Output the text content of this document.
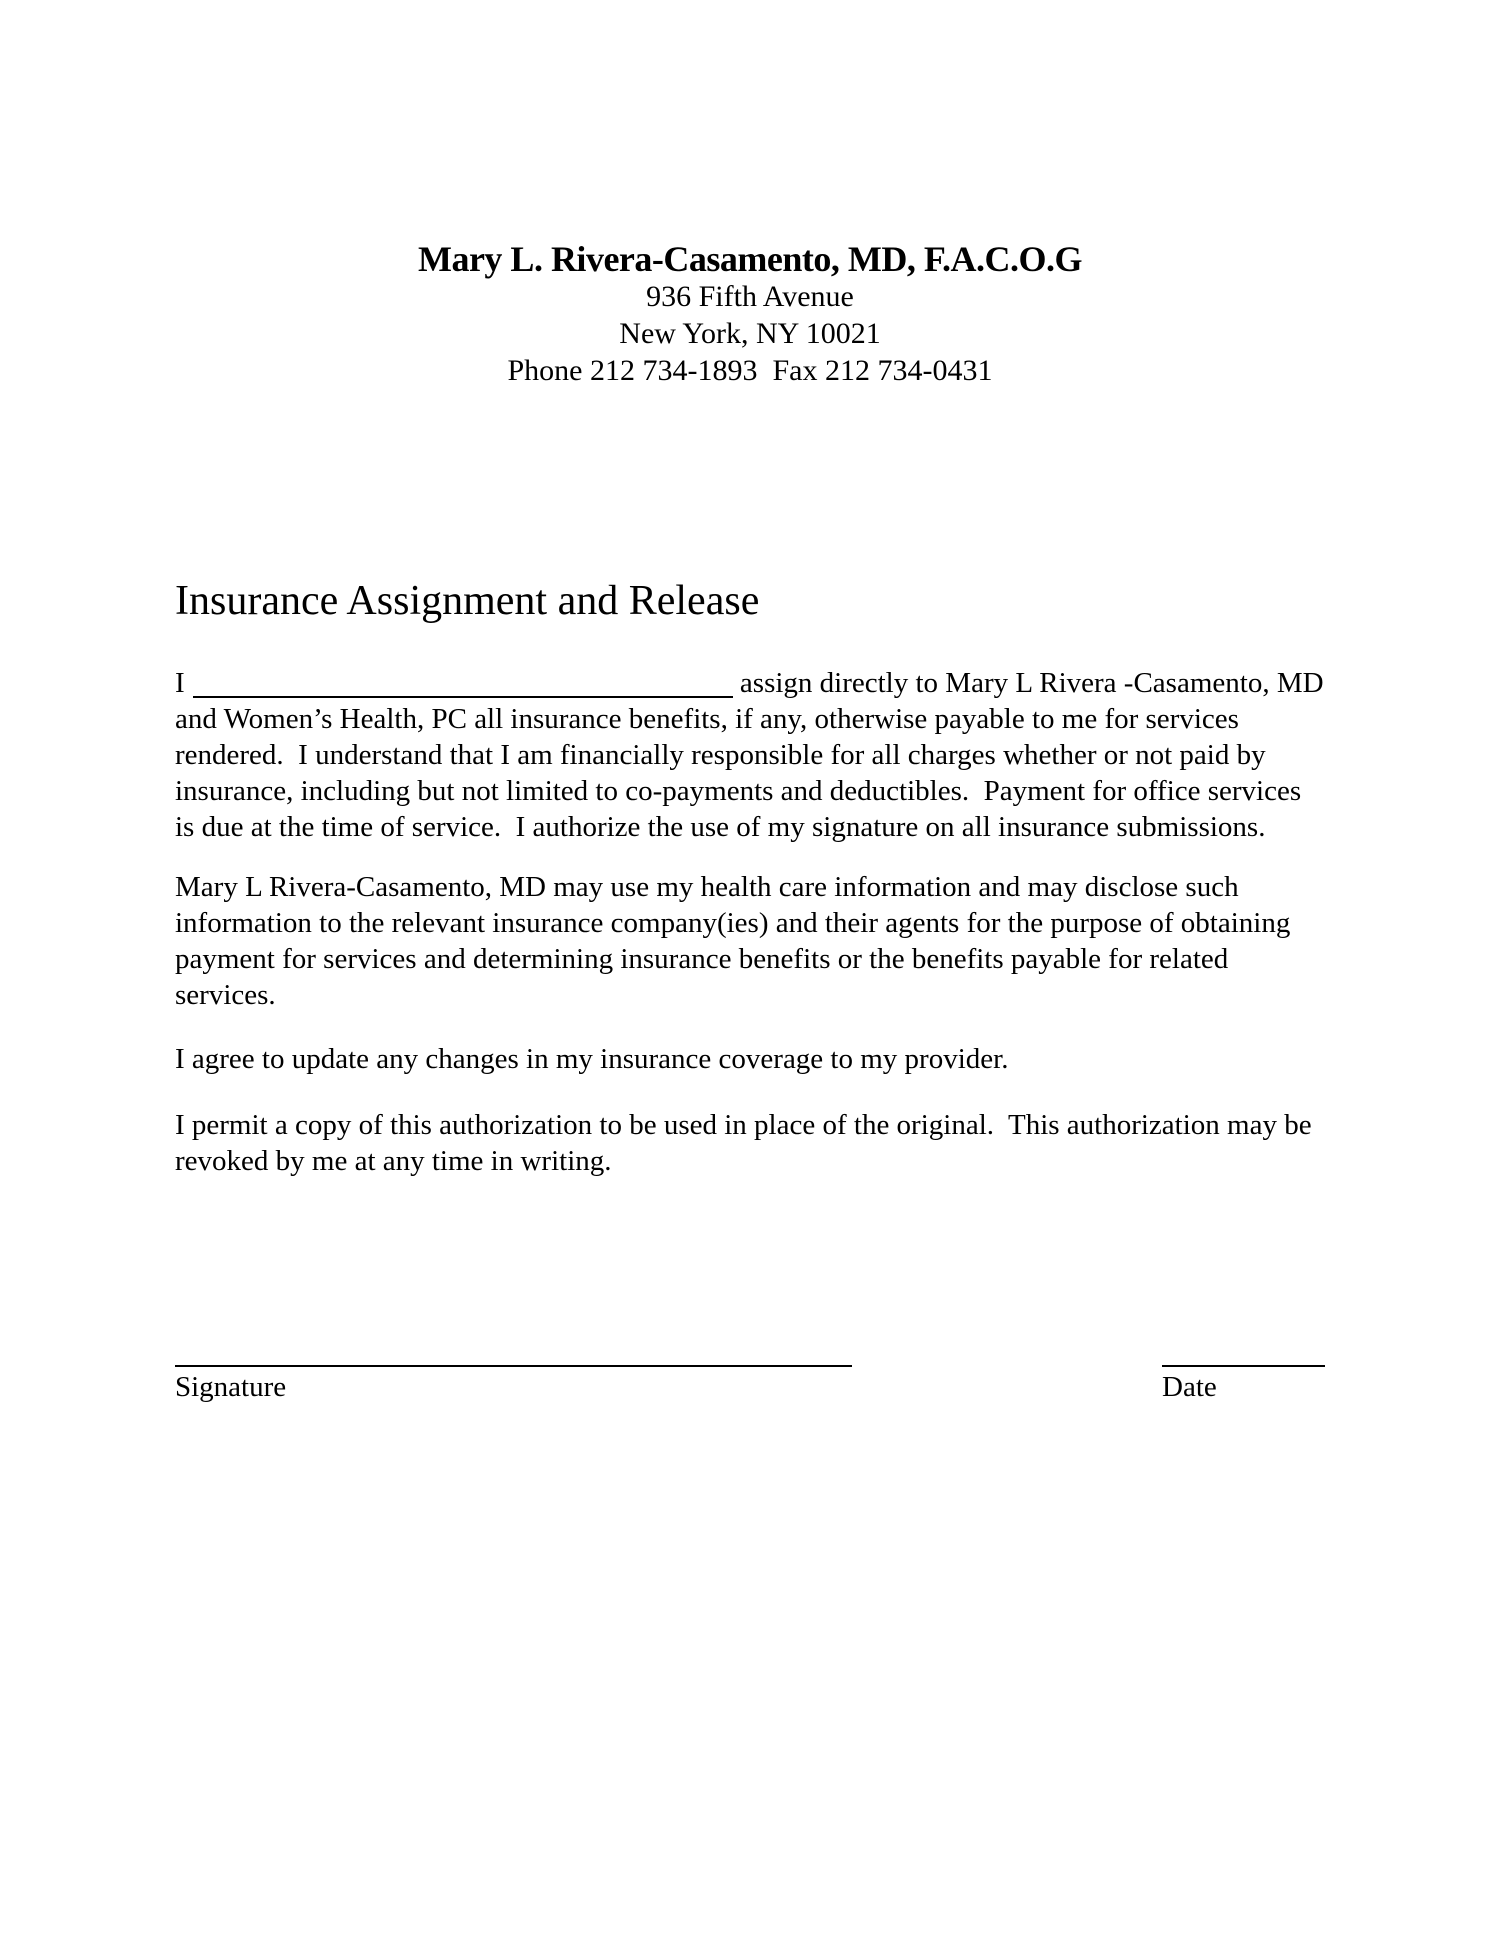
Mary L. Rivera-Casamento, MD, F.A.C.O.G
936 Fifth Avenue
New York, NY 10021
Phone 212 734-1893  Fax 212 734-0431
Insurance Assignment and Release

I	assign directly to Mary L Rivera -Casamento, MD and Women’s Health, PC all insurance benefits, if any, otherwise payable to me for services rendered.  I understand that I am financially responsible for all charges whether or not paid by insurance, including but not limited to co-payments and deductibles.  Payment for office services is due at the time of service.  I authorize the use of my signature on all insurance submissions.

Mary L Rivera-Casamento, MD may use my health care information and may disclose such information to the relevant insurance company(ies) and their agents for the purpose of obtaining payment for services and determining insurance benefits or the benefits payable for related services.

I agree to update any changes in my insurance coverage to my provider.

I permit a copy of this authorization to be used in place of the original.  This authorization may be revoked by me at any time in writing.

Signature	Date
